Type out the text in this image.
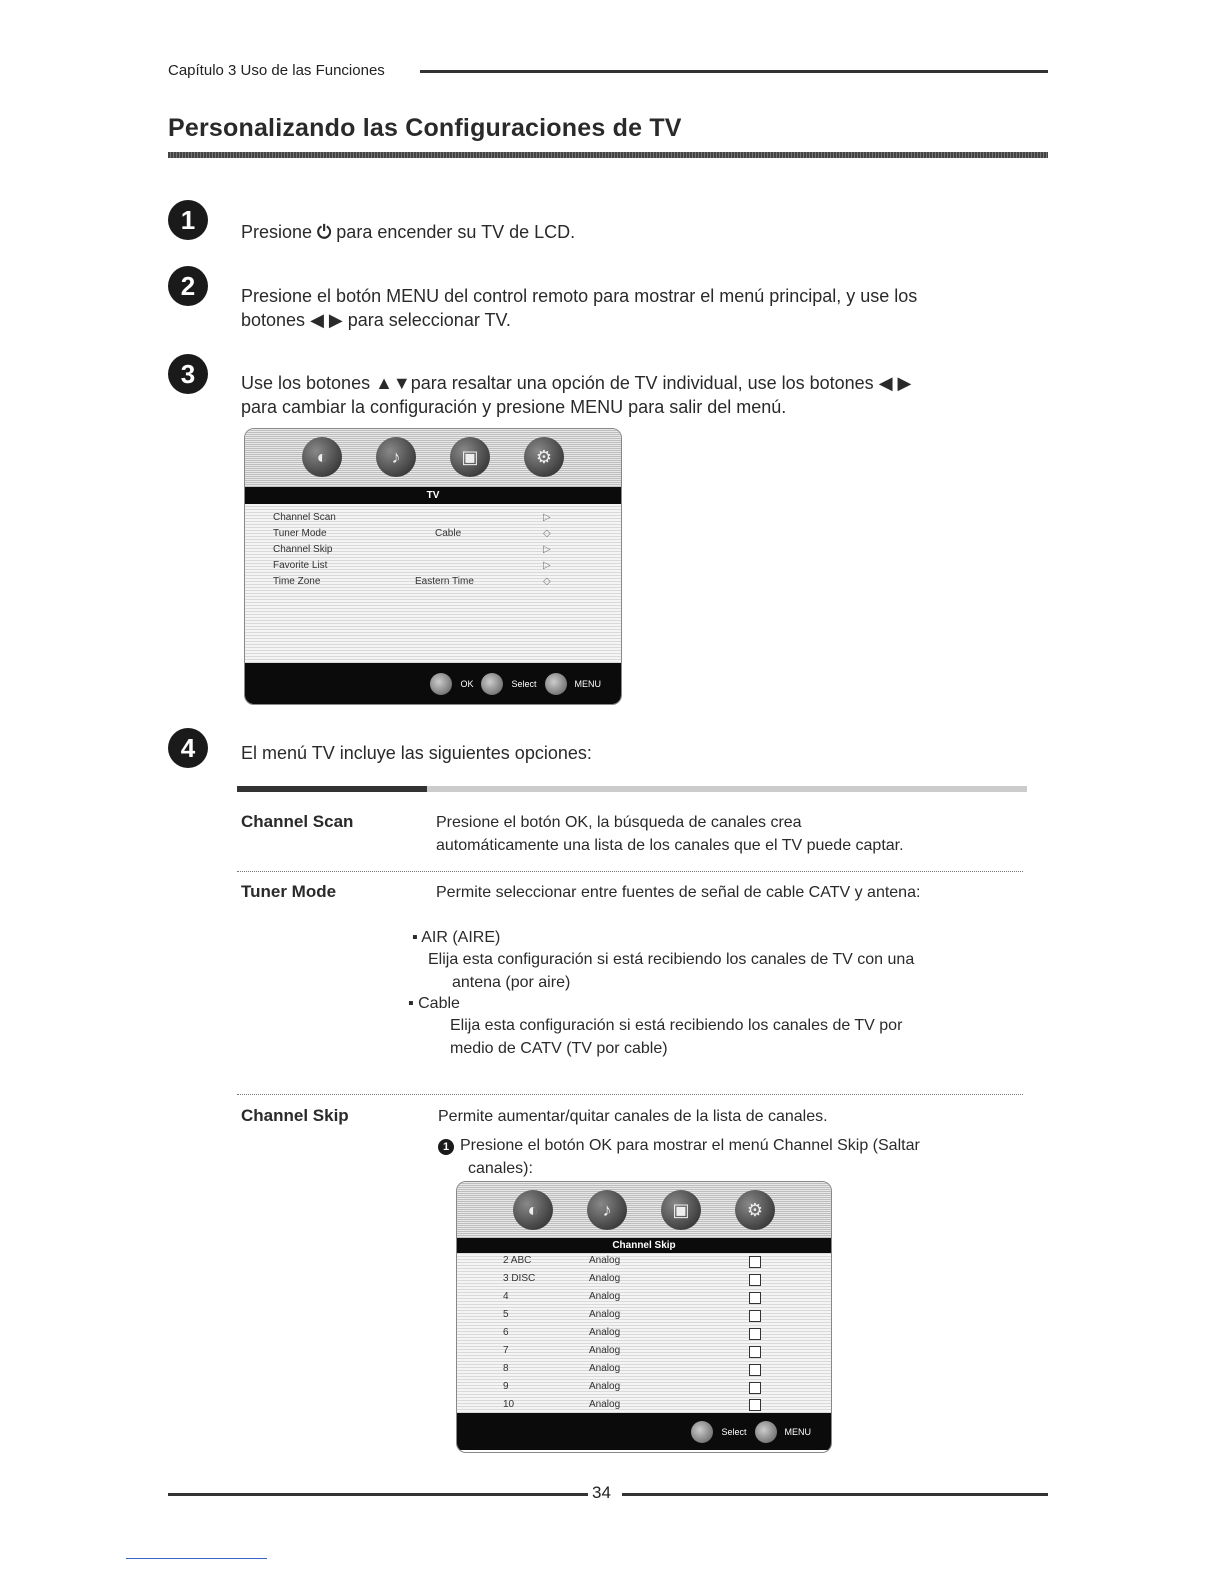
Capítulo 3 Uso de las Funciones
Personalizando las Configuraciones de TV
1	Presione ⏻ para encender su TV de LCD.
2	Presione el botón MENU del control remoto para mostrar el menú principal, y use los
botones ◀ ▶ para seleccionar TV.
3	Use los botones ▲▼para resaltar una opción de TV individual, use los botones ◀ ▶
para cambiar la configuración y presione MENU para salir del menú.
◐	♪	▣	⚙
TV
Channel Scan	▷
Tuner Mode	Cable	◇
Channel Skip	▷
Favorite List	▷
Time Zone	Eastern Time	◇
OK	Select	MENU
4	El menú TV incluye las siguientes opciones:
Channel Scan	Presione el botón OK, la búsqueda de canales crea
automáticamente una lista de los canales que el TV puede captar.
Tuner Mode	Permite seleccionar entre fuentes de señal de cable CATV y antena:
▪ AIR (AIRE)
Elija esta configuración si está recibiendo los canales de TV con una
antena (por aire)
▪ Cable
Elija esta configuración si está recibiendo los canales de TV por
medio de CATV (TV por cable)
Channel Skip	Permite aumentar/quitar canales de la lista de canales.
1 Presione el botón OK para mostrar el menú Channel Skip (Saltar
canales):
◐	♪	▣	⚙
Channel Skip
2 ABC	Analog
3 DISC	Analog
4	Analog
5	Analog
6	Analog
7	Analog
8	Analog
9	Analog
10	Analog
Select	MENU
34
